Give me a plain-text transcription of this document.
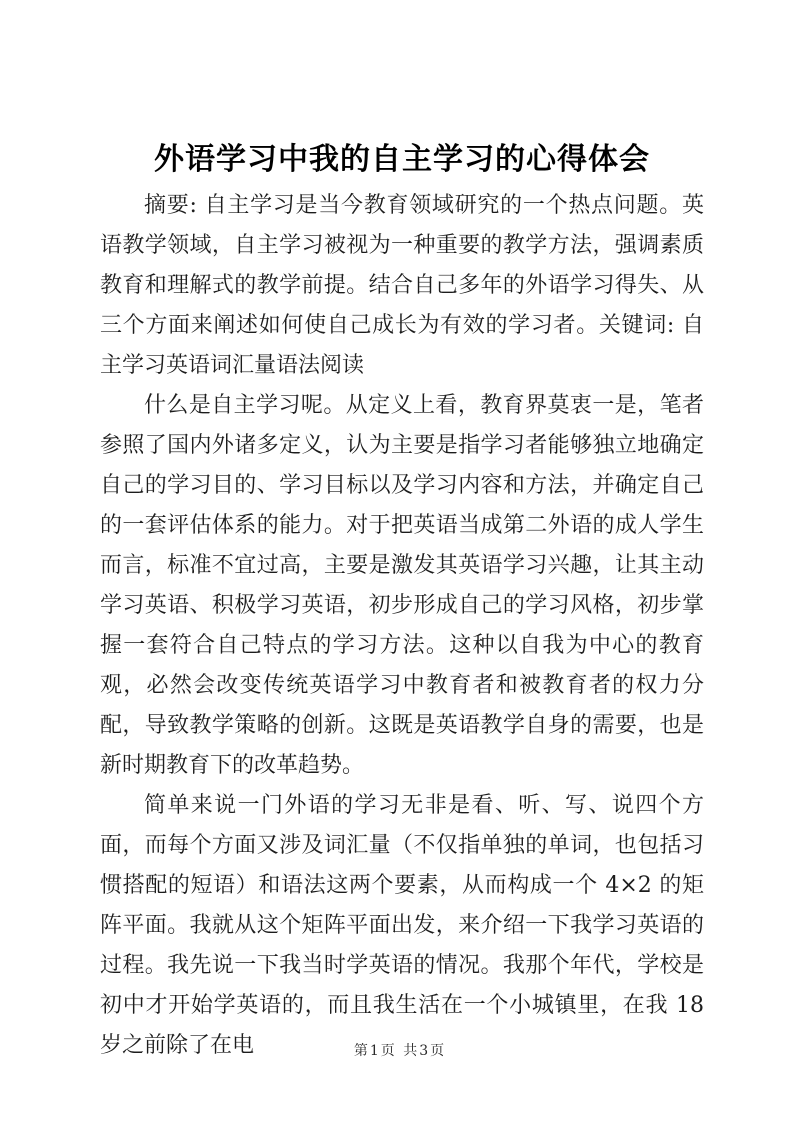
外语学习中我的自主学习的心得体会

摘要: 自主学习是当今教育领域研究的一个热点问题。英语教学领域，自主学习被视为一种重要的教学方法，强调素质教育和理解式的教学前提。结合自己多年的外语学习得失、从三个方面来阐述如何使自己成长为有效的学习者。关键词: 自主学习英语词汇量语法阅读

什么是自主学习呢。从定义上看，教育界莫衷一是，笔者参照了国内外诸多定义，认为主要是指学习者能够独立地确定自己的学习目的、学习目标以及学习内容和方法，并确定自己的一套评估体系的能力。对于把英语当成第二外语的成人学生而言，标准不宜过高，主要是激发其英语学习兴趣，让其主动学习英语、积极学习英语，初步形成自己的学习风格，初步掌握一套符合自己特点的学习方法。这种以自我为中心的教育观，必然会改变传统英语学习中教育者和被教育者的权力分配，导致教学策略的创新。这既是英语教学自身的需要，也是新时期教育下的改革趋势。

简单来说一门外语的学习无非是看、听、写、说四个方面，而每个方面又涉及词汇量（不仅指单独的单词，也包括习惯搭配的短语）和语法这两个要素，从而构成一个 4×2 的矩阵平面。我就从这个矩阵平面出发，来介绍一下我学习英语的过程。我先说一下我当时学英语的情况。我那个年代，学校是初中才开始学英语的，而且我生活在一个小城镇里，在我 18 岁之前除了在电	第1页 共3页
